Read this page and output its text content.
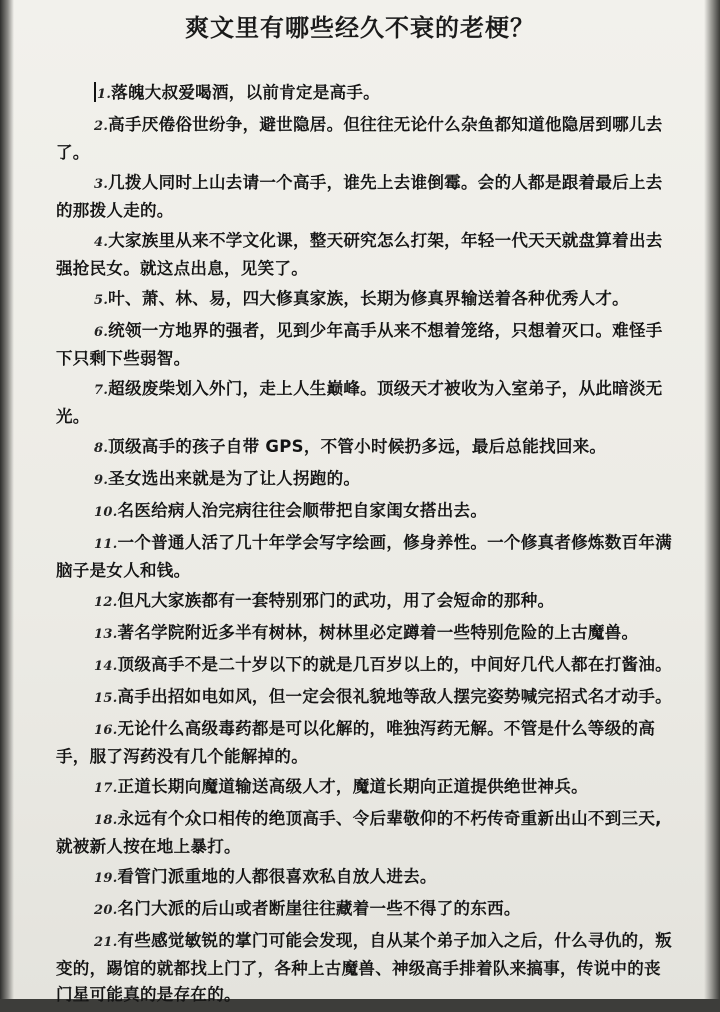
爽文里有哪些经久不衰的老梗？
1.落魄大叔爱喝酒，以前肯定是高手。
2.高手厌倦俗世纷争，避世隐居。但往往无论什么杂鱼都知道他隐居到哪儿去了。
3.几拨人同时上山去请一个高手，谁先上去谁倒霉。会的人都是跟着最后上去的那拨人走的。
4.大家族里从来不学文化课，整天研究怎么打架，年轻一代天天就盘算着出去强抢民女。就这点出息，见笑了。
5.叶、萧、林、易，四大修真家族，长期为修真界输送着各种优秀人才。
6.统领一方地界的强者，见到少年高手从来不想着笼络，只想着灭口。难怪手下只剩下些弱智。
7.超级废柴划入外门，走上人生巅峰。顶级天才被收为入室弟子，从此暗淡无光。
8.顶级高手的孩子自带 GPS，不管小时候扔多远，最后总能找回来。
9.圣女选出来就是为了让人拐跑的。
10.名医给病人治完病往往会顺带把自家闺女搭出去。
11.一个普通人活了几十年学会写字绘画，修身养性。一个修真者修炼数百年满脑子是女人和钱。
12.但凡大家族都有一套特别邪门的武功，用了会短命的那种。
13.著名学院附近多半有树林，树林里必定蹲着一些特别危险的上古魔兽。
14.顶级高手不是二十岁以下的就是几百岁以上的，中间好几代人都在打酱油。
15.高手出招如电如风，但一定会很礼貌地等敌人摆完姿势喊完招式名才动手。
16.无论什么高级毒药都是可以化解的，唯独泻药无解。不管是什么等级的高手，服了泻药没有几个能解掉的。
17.正道长期向魔道输送高级人才，魔道长期向正道提供绝世神兵。
18.永远有个众口相传的绝顶高手、令后辈敬仰的不朽传奇重新出山不到三天,就被新人按在地上暴打。
19.看管门派重地的人都很喜欢私自放人进去。
20.名门大派的后山或者断崖往往藏着一些不得了的东西。
21.有些感觉敏锐的掌门可能会发现，自从某个弟子加入之后，什么寻仇的，叛变的，踢馆的就都找上门了，各种上古魔兽、神级高手排着队来搞事，传说中的丧门星可能真的是存在的。
